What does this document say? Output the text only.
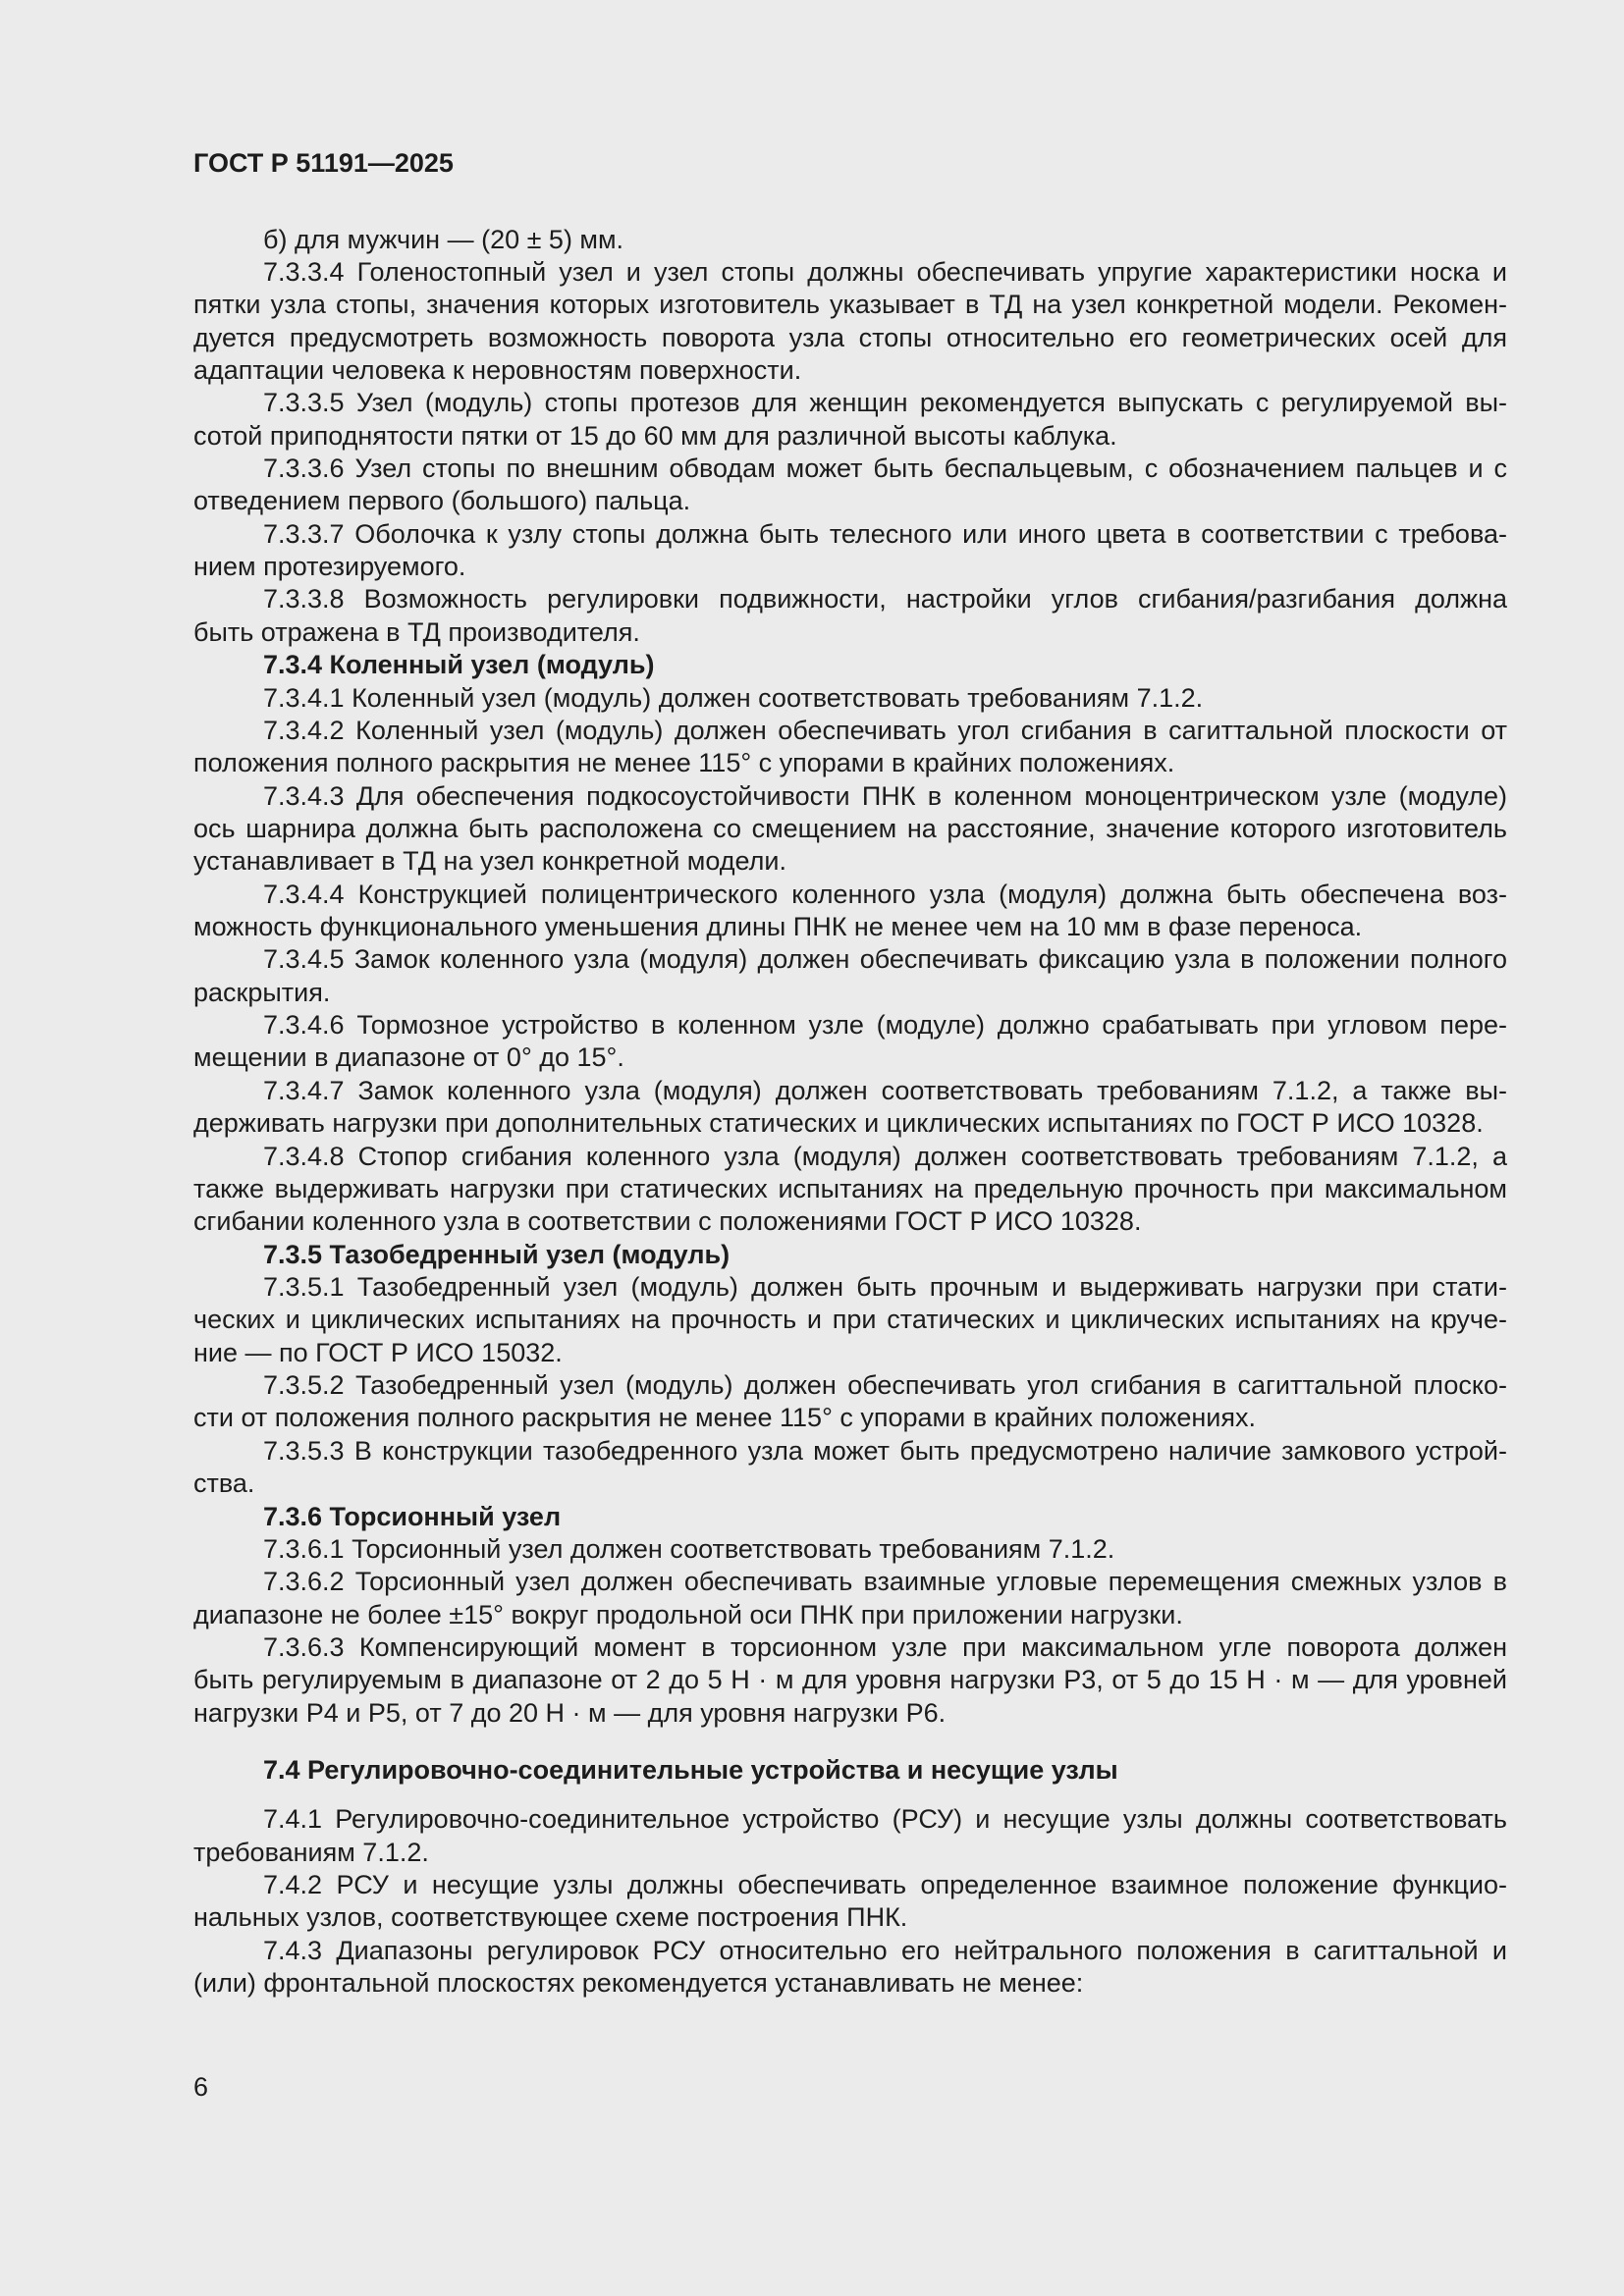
ГОСТ Р 51191—2025
б) для мужчин — (20 ± 5) мм.
7.3.3.4 Голеностопный узел и узел стопы должны обеспечивать упругие характеристики носка и
пятки узла стопы, значения которых изготовитель указывает в ТД на узел конкретной модели. Рекомен-
дуется предусмотреть возможность поворота узла стопы относительно его геометрических осей для
адаптации человека к неровностям поверхности.
7.3.3.5 Узел (модуль) стопы протезов для женщин рекомендуется выпускать с регулируемой вы-
сотой приподнятости пятки от 15 до 60 мм для различной высоты каблука.
7.3.3.6 Узел стопы по внешним обводам может быть беспальцевым, с обозначением пальцев и с
отведением первого (большого) пальца.
7.3.3.7 Оболочка к узлу стопы должна быть телесного или иного цвета в соответствии с требова-
нием протезируемого.
7.3.3.8 Возможность регулировки подвижности, настройки углов сгибания/разгибания должна
быть отражена в ТД производителя.
7.3.4 Коленный узел (модуль)
7.3.4.1 Коленный узел (модуль) должен соответствовать требованиям 7.1.2.
7.3.4.2 Коленный узел (модуль) должен обеспечивать угол сгибания в сагиттальной плоскости от
положения полного раскрытия не менее 115° с упорами в крайних положениях.
7.3.4.3 Для обеспечения подкосоустойчивости ПНК в коленном моноцентрическом узле (модуле)
ось шарнира должна быть расположена со смещением на расстояние, значение которого изготовитель
устанавливает в ТД на узел конкретной модели.
7.3.4.4 Конструкцией полицентрического коленного узла (модуля) должна быть обеспечена воз-
можность функционального уменьшения длины ПНК не менее чем на 10 мм в фазе переноса.
7.3.4.5 Замок коленного узла (модуля) должен обеспечивать фиксацию узла в положении полного
раскрытия.
7.3.4.6 Тормозное устройство в коленном узле (модуле) должно срабатывать при угловом пере-
мещении в диапазоне от 0° до 15°.
7.3.4.7 Замок коленного узла (модуля) должен соответствовать требованиям 7.1.2, а также вы-
держивать нагрузки при дополнительных статических и циклических испытаниях по ГОСТ Р ИСО 10328.
7.3.4.8 Стопор сгибания коленного узла (модуля) должен соответствовать требованиям 7.1.2, а
также выдерживать нагрузки при статических испытаниях на предельную прочность при максимальном
сгибании коленного узла в соответствии с положениями ГОСТ Р ИСО 10328.
7.3.5 Тазобедренный узел (модуль)
7.3.5.1 Тазобедренный узел (модуль) должен быть прочным и выдерживать нагрузки при стати-
ческих и циклических испытаниях на прочность и при статических и циклических испытаниях на круче-
ние — по ГОСТ Р ИСО 15032.
7.3.5.2 Тазобедренный узел (модуль) должен обеспечивать угол сгибания в сагиттальной плоско-
сти от положения полного раскрытия не менее 115° с упорами в крайних положениях.
7.3.5.3 В конструкции тазобедренного узла может быть предусмотрено наличие замкового устрой-
ства.
7.3.6 Торсионный узел
7.3.6.1 Торсионный узел должен соответствовать требованиям 7.1.2.
7.3.6.2 Торсионный узел должен обеспечивать взаимные угловые перемещения смежных узлов в
диапазоне не более ±15° вокруг продольной оси ПНК при приложении нагрузки.
7.3.6.3 Компенсирующий момент в торсионном узле при максимальном угле поворота должен
быть регулируемым в диапазоне от 2 до 5 Н · м для уровня нагрузки Р3, от 5 до 15 Н · м — для уровней
нагрузки Р4 и Р5, от 7 до 20 Н · м — для уровня нагрузки Р6.
7.4 Регулировочно-соединительные устройства и несущие узлы
7.4.1 Регулировочно-соединительное устройство (РСУ) и несущие узлы должны соответствовать
требованиям 7.1.2.
7.4.2 РСУ и несущие узлы должны обеспечивать определенное взаимное положение функцио-
нальных узлов, соответствующее схеме построения ПНК.
7.4.3 Диапазоны регулировок РСУ относительно его нейтрального положения в сагиттальной и
(или) фронтальной плоскостях рекомендуется устанавливать не менее:
6
